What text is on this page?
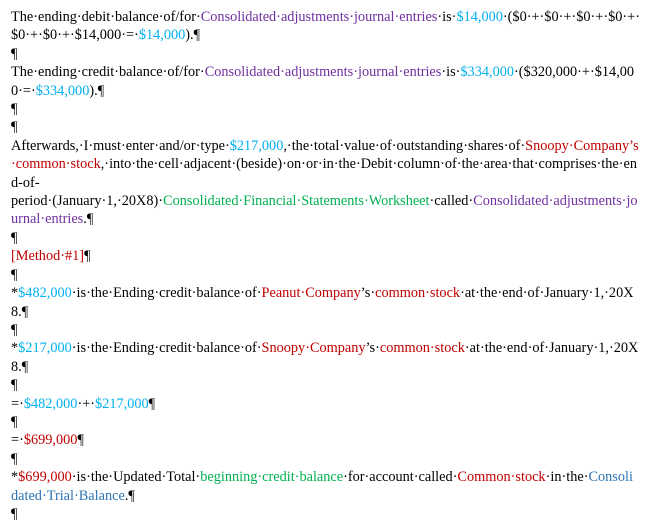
The·ending·debit·balance·of/for·Consolidated·adjustments·journal·entries·is·$14,000·($0·+·$0·+·$0·+·$0·+·$0·+·$0·+·$14,000·=·$14,000).¶

¶

The·ending·credit·balance·of/for·Consolidated·adjustments·journal·entries·is·$334,000·($320,000·+·$14,000·=·$334,000).¶

¶

¶

Afterwards,·I·must·enter·and/or·type·$217,000,·the·total·value·of·outstanding·shares·of·Snoopy·Company’s·common·stock,·into·the·cell·adjacent·(beside)·on·or·in·the·Debit·column·of·the·area·that·comprises·the·end-of-period·(January·1,·20X8)·Consolidated·Financial·Statements·Worksheet·called·Consolidated·adjustments·journal·entries.¶

¶

[Method·#1]¶

¶

*$482,000·is·the·Ending·credit·balance·of·Peanut·Company’s·common·stock·at·the·end·of·January·1,·20X8.¶

¶

*$217,000·is·the·Ending·credit·balance·of·Snoopy·Company’s·common·stock·at·the·end·of·January·1,·20X8.¶

¶

=·$482,000·+·$217,000¶

¶

=·$699,000¶

¶

*$699,000·is·the·Updated·Total·beginning·credit·balance·for·account·called·Common·stock·in·the·Consolidated·Trial·Balance.¶

¶
